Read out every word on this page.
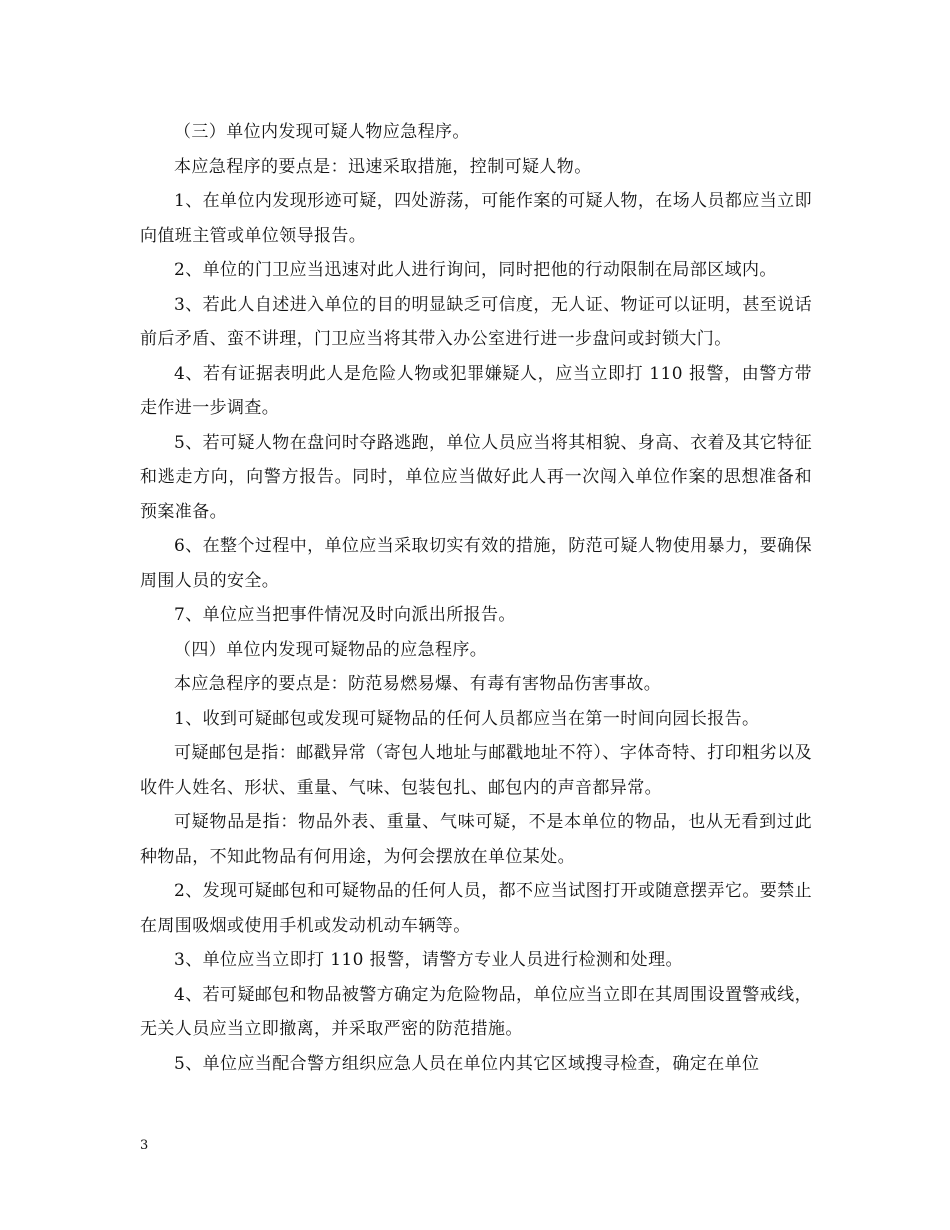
（三）单位内发现可疑人物应急程序。

本应急程序的要点是：迅速采取措施，控制可疑人物。

1、在单位内发现形迹可疑，四处游荡，可能作案的可疑人物，在场人员都应当立即向值班主管或单位领导报告。

2、单位的门卫应当迅速对此人进行询问，同时把他的行动限制在局部区域内。

3、若此人自述进入单位的目的明显缺乏可信度，无人证、物证可以证明，甚至说话前后矛盾、蛮不讲理，门卫应当将其带入办公室进行进一步盘问或封锁大门。

4、若有证据表明此人是危险人物或犯罪嫌疑人，应当立即打 110 报警，由警方带走作进一步调查。

5、若可疑人物在盘问时夺路逃跑，单位人员应当将其相貌、身高、衣着及其它特征和逃走方向，向警方报告。同时，单位应当做好此人再一次闯入单位作案的思想准备和预案准备。

6、在整个过程中，单位应当采取切实有效的措施，防范可疑人物使用暴力，要确保周围人员的安全。

7、单位应当把事件情况及时向派出所报告。

（四）单位内发现可疑物品的应急程序。

本应急程序的要点是：防范易燃易爆、有毒有害物品伤害事故。

1、收到可疑邮包或发现可疑物品的任何人员都应当在第一时间向园长报告。

可疑邮包是指：邮戳异常（寄包人地址与邮戳地址不符）、字体奇特、打印粗劣以及收件人姓名、形状、重量、气味、包装包扎、邮包内的声音都异常。

可疑物品是指：物品外表、重量、气味可疑，不是本单位的物品，也从无看到过此种物品，不知此物品有何用途，为何会摆放在单位某处。

2、发现可疑邮包和可疑物品的任何人员，都不应当试图打开或随意摆弄它。要禁止在周围吸烟或使用手机或发动机动车辆等。

3、单位应当立即打 110 报警，请警方专业人员进行检测和处理。

4、若可疑邮包和物品被警方确定为危险物品，单位应当立即在其周围设置警戒线，无关人员应当立即撤离，并采取严密的防范措施。

5、单位应当配合警方组织应急人员在单位内其它区域搜寻检查，确定在单位

3
